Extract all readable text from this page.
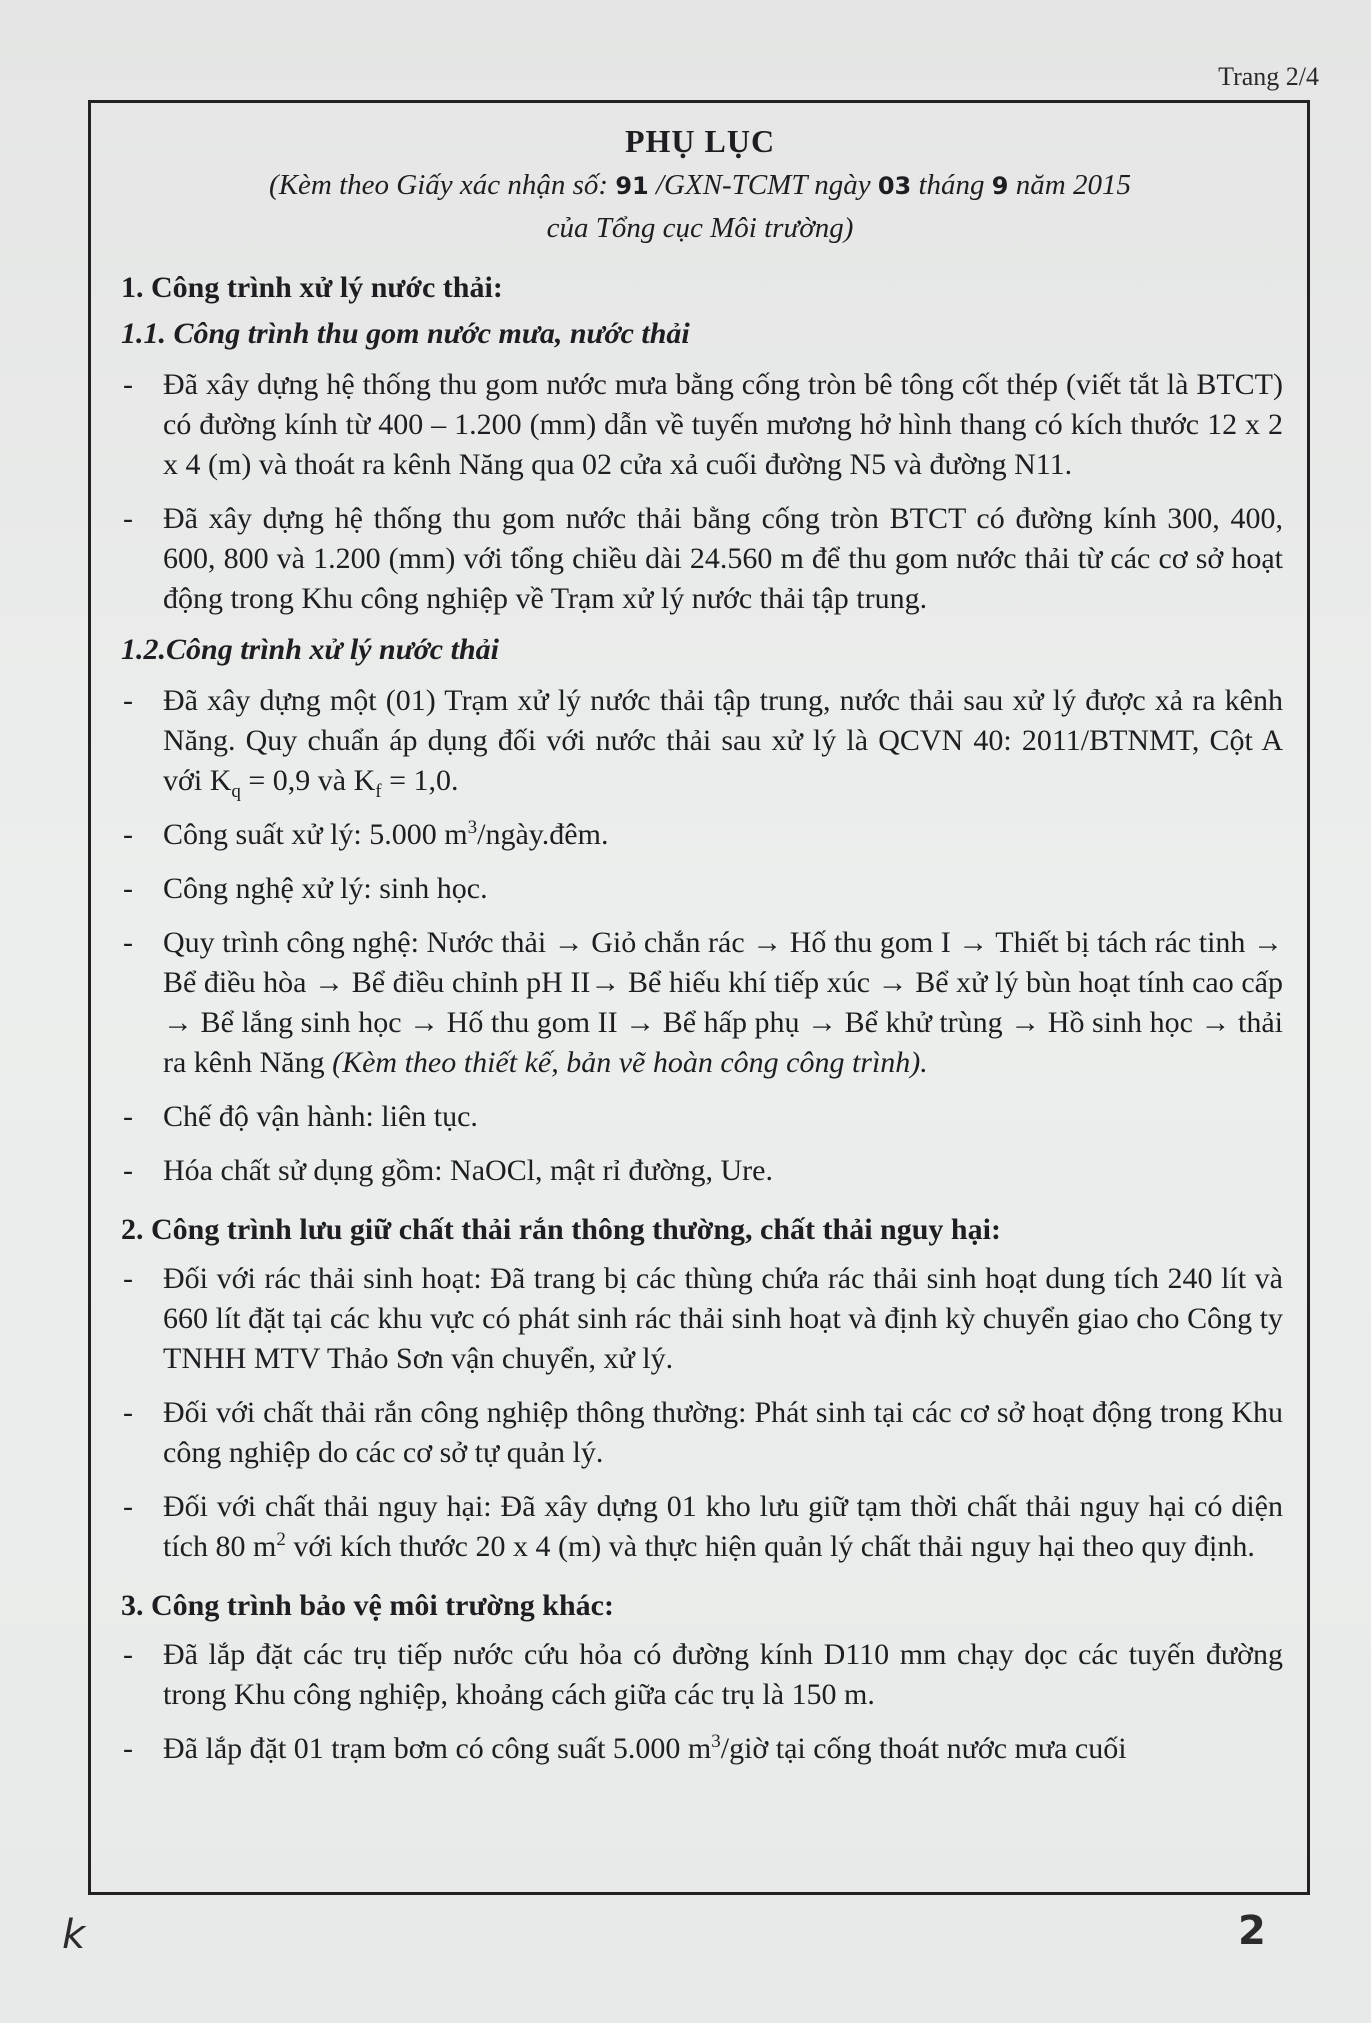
Trang 2/4
PHỤ LỤC
(Kèm theo Giấy xác nhận số: 91 /GXN-TCMT ngày 03 tháng 9 năm 2015
của Tổng cục Môi trường)
1. Công trình xử lý nước thải:
1.1. Công trình thu gom nước mưa, nước thải
-	Đã xây dựng hệ thống thu gom nước mưa bằng cống tròn bê tông cốt thép (viết tắt là BTCT) có đường kính từ 400 – 1.200 (mm) dẫn về tuyến mương hở hình thang có kích thước 12 x 2 x 4 (m) và thoát ra kênh Năng qua 02 cửa xả cuối đường N5 và đường N11.
-	Đã xây dựng hệ thống thu gom nước thải bằng cống tròn BTCT có đường kính 300, 400, 600, 800 và 1.200 (mm) với tổng chiều dài 24.560 m để thu gom nước thải từ các cơ sở hoạt động trong Khu công nghiệp về Trạm xử lý nước thải tập trung.
1.2.Công trình xử lý nước thải
-	Đã xây dựng một (01) Trạm xử lý nước thải tập trung, nước thải sau xử lý được xả ra kênh Năng. Quy chuẩn áp dụng đối với nước thải sau xử lý là QCVN 40: 2011/BTNMT, Cột A với $K_q = 0,9$ và $K_f = 1,0$.
-	Công suất xử lý: 5.000 $m^3/ngày.đêm$.
-	Công nghệ xử lý: sinh học.
-	Quy trình công nghệ: Nước thải → Giỏ chắn rác → Hố thu gom I → Thiết bị tách rác tinh → Bể điều hòa → Bể điều chỉnh pH II→ Bể hiếu khí tiếp xúc → Bể xử lý bùn hoạt tính cao cấp → Bể lắng sinh học → Hố thu gom II → Bể hấp phụ → Bể khử trùng → Hồ sinh học → thải ra kênh Năng (Kèm theo thiết kế, bản vẽ hoàn công công trình).
-	Chế độ vận hành: liên tục.
-	Hóa chất sử dụng gồm: NaOCl, mật rỉ đường, Ure.
2. Công trình lưu giữ chất thải rắn thông thường, chất thải nguy hại:
-	Đối với rác thải sinh hoạt: Đã trang bị các thùng chứa rác thải sinh hoạt dung tích 240 lít và 660 lít đặt tại các khu vực có phát sinh rác thải sinh hoạt và định kỳ chuyển giao cho Công ty TNHH MTV Thảo Sơn vận chuyển, xử lý.
-	Đối với chất thải rắn công nghiệp thông thường: Phát sinh tại các cơ sở hoạt động trong Khu công nghiệp do các cơ sở tự quản lý.
-	Đối với chất thải nguy hại: Đã xây dựng 01 kho lưu giữ tạm thời chất thải nguy hại có diện tích 80 $m^2$ với kích thước 20 x 4 (m) và thực hiện quản lý chất thải nguy hại theo quy định.
3. Công trình bảo vệ môi trường khác:
-	Đã lắp đặt các trụ tiếp nước cứu hỏa có đường kính D110 mm chạy dọc các tuyến đường trong Khu công nghiệp, khoảng cách giữa các trụ là 150 m.
-	Đã lắp đặt 01 trạm bơm có công suất 5.000 $m^3$/giờ tại cống thoát nước mưa cuối
k	2
